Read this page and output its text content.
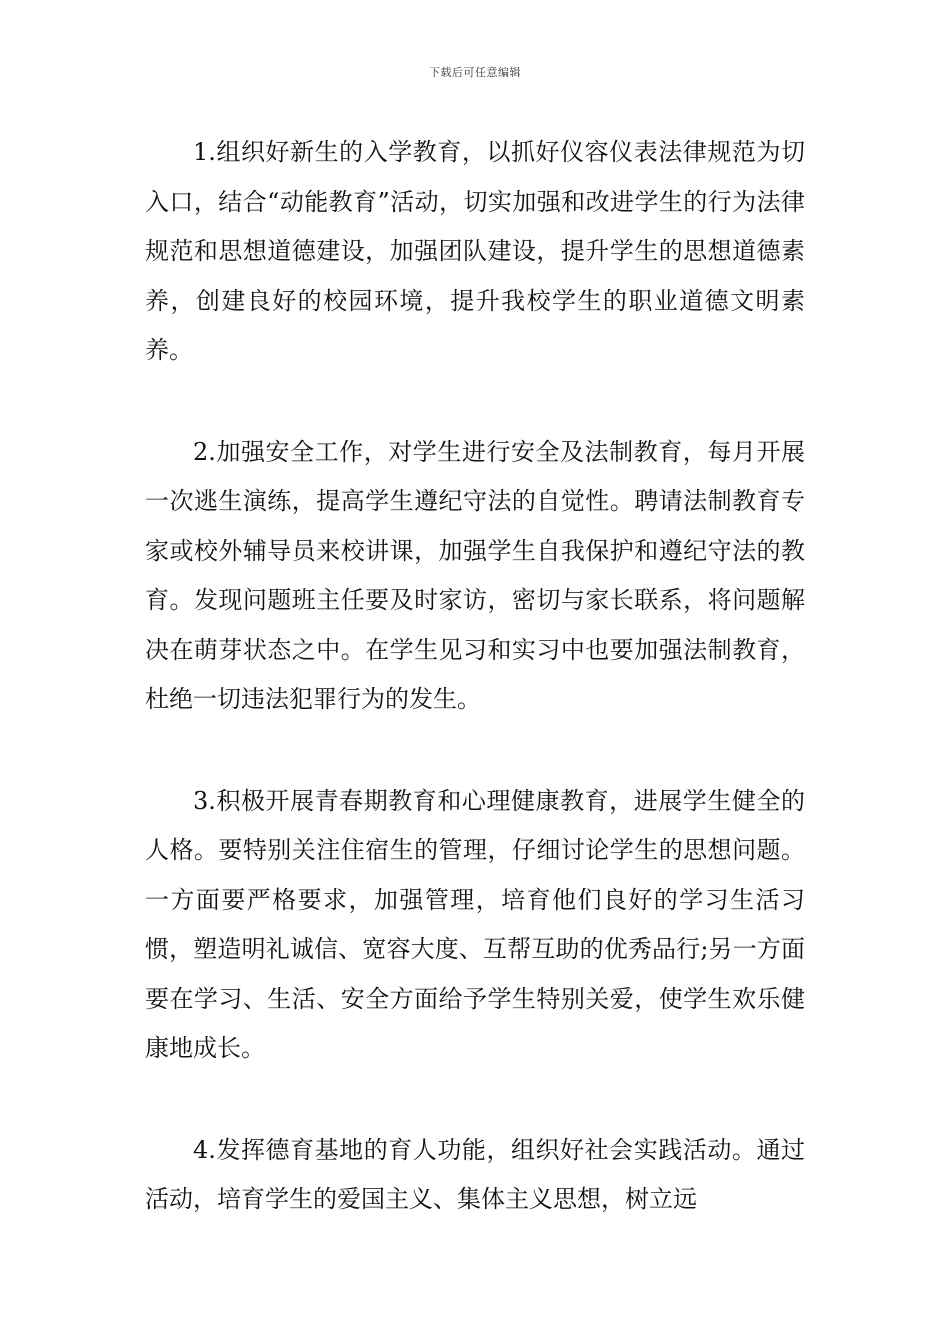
下载后可任意编辑

1.组织好新生的入学教育，以抓好仪容仪表法律规范为切入口，结合“动能教育”活动，切实加强和改进学生的行为法律规范和思想道德建设，加强团队建设，提升学生的思想道德素养，创建良好的校园环境，提升我校学生的职业道德文明素养。

2.加强安全工作，对学生进行安全及法制教育，每月开展一次逃生演练，提高学生遵纪守法的自觉性。聘请法制教育专家或校外辅导员来校讲课，加强学生自我保护和遵纪守法的教育。发现问题班主任要及时家访，密切与家长联系，将问题解决在萌芽状态之中。在学生见习和实习中也要加强法制教育，杜绝一切违法犯罪行为的发生。

3.积极开展青春期教育和心理健康教育，进展学生健全的人格。要特别关注住宿生的管理，仔细讨论学生的思想问题。一方面要严格要求，加强管理，培育他们良好的学习生活习惯，塑造明礼诚信、宽容大度、互帮互助的优秀品行;另一方面要在学习、生活、安全方面给予学生特别关爱，使学生欢乐健康地成长。

4.发挥德育基地的育人功能，组织好社会实践活动。通过活动，培育学生的爱国主义、集体主义思想，树立远
